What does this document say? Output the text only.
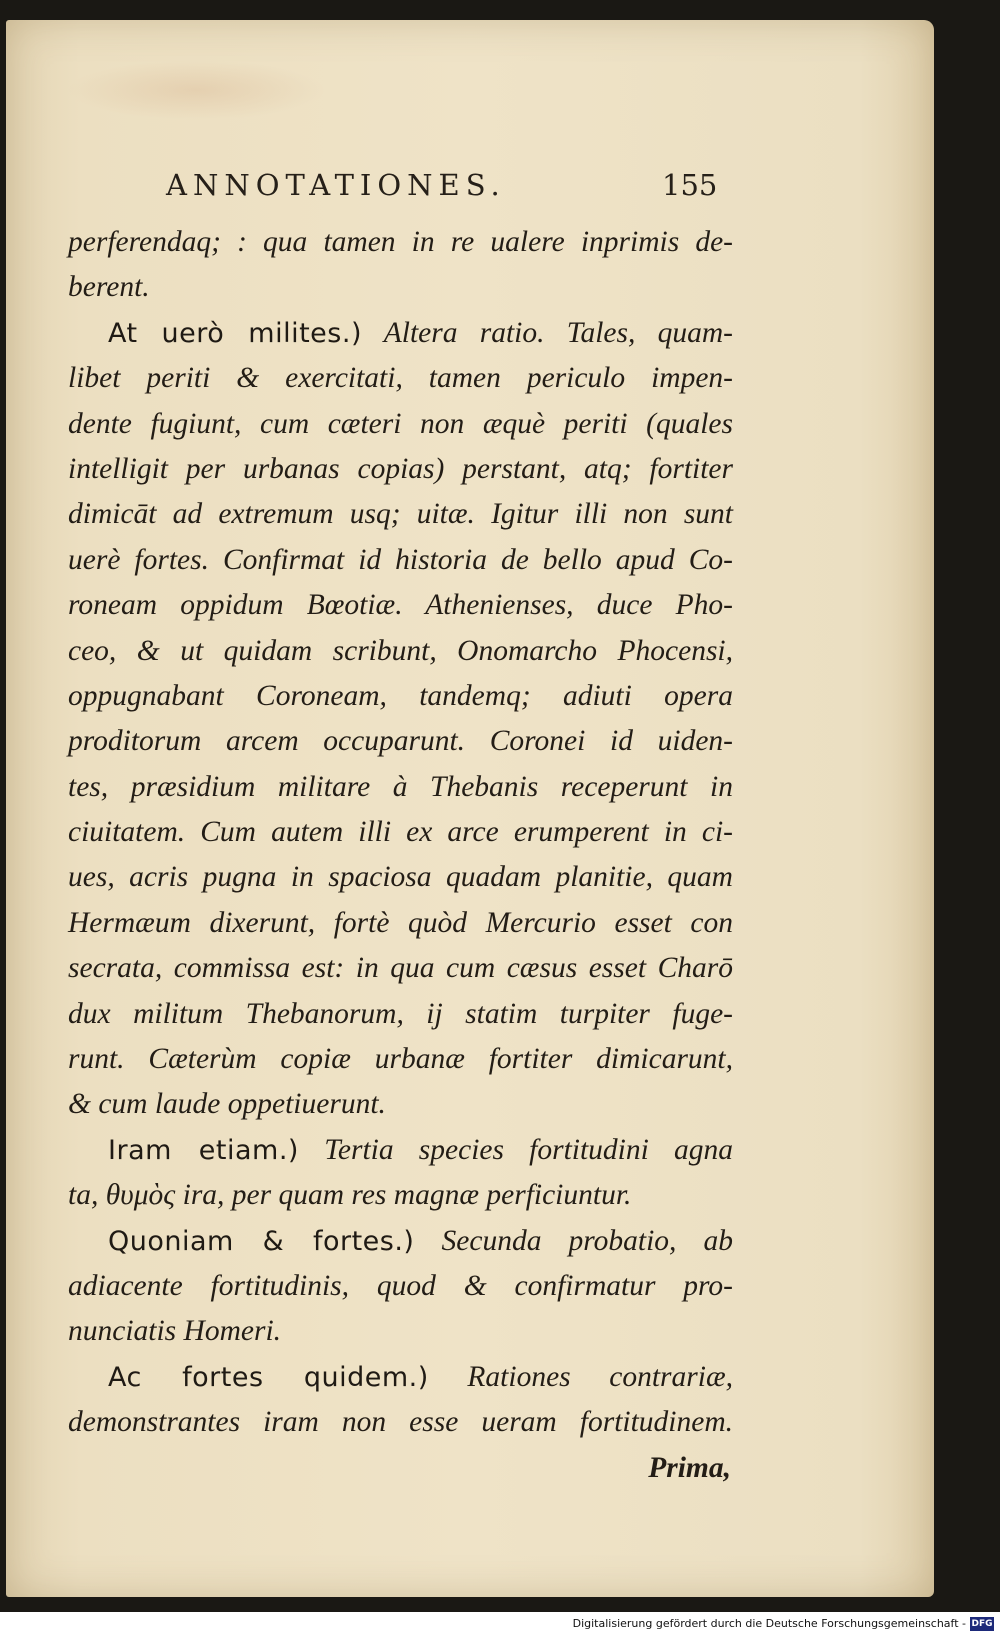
ANNOTATIONES.	155
perferendaq; : qua tamen in re ualere inprimis de-
berent.
At uerò milites.) Altera ratio. Tales, quam-
libet periti & exercitati, tamen periculo impen-
dente fugiunt, cum cæteri non æquè periti (quales
intelligit per urbanas copias) perstant, atq; fortiter
dimicāt ad extremum usq; uitæ. Igitur illi non sunt
uerè fortes. Confirmat id historia de bello apud Co-
roneam oppidum Bœotiæ. Athenienses, duce Pho-
ceo, & ut quidam scribunt, Onomarcho Phocensi,
oppugnabant Coroneam, tandemq; adiuti opera
proditorum arcem occuparunt. Coronei id uiden-
tes, præsidium militare à Thebanis receperunt in
ciuitatem. Cum autem illi ex arce erumperent in ci-
ues, acris pugna in spaciosa quadam planitie, quam
Hermæum dixerunt, fortè quòd Mercurio esset con
secrata, commissa est: in qua cum cæsus esset Charō
dux militum Thebanorum, ij statim turpiter fuge-
runt. Cæterùm copiæ urbanæ fortiter dimicarunt,
& cum laude oppetiuerunt.
Iram etiam.) Tertia species fortitudini agna
ta, θυμὸς ira, per quam res magnæ perficiuntur.
Quoniam & fortes.) Secunda probatio, ab
adiacente fortitudinis, quod & confirmatur pro-
nunciatis Homeri.
Ac fortes quidem.) Rationes contrariæ,
demonstrantes iram non esse ueram fortitudinem.
Prima,
Digitalisierung gefördert durch die Deutsche Forschungsgemeinschaft - DFG
